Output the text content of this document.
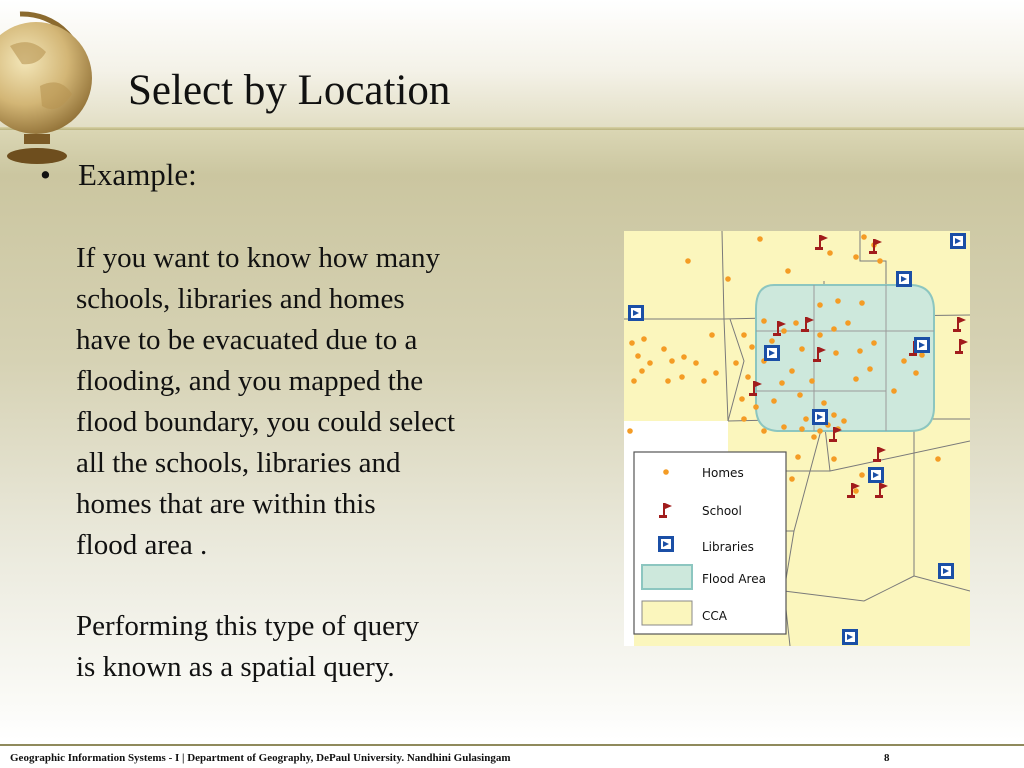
Select by Location
• Example:

If you want to know how many
schools, libraries and homes
have to be evacuated due to a
flooding, and you mapped the
flood boundary, you could select
all the schools, libraries and
homes that are within this
flood area .

Performing this type of query
is known as a spatial query.

Homes
School
Libraries
Flood Area
CCA
Geographic Information Systems - I | Department of Geography, DePaul University. Nandhini Gulasingam	8
